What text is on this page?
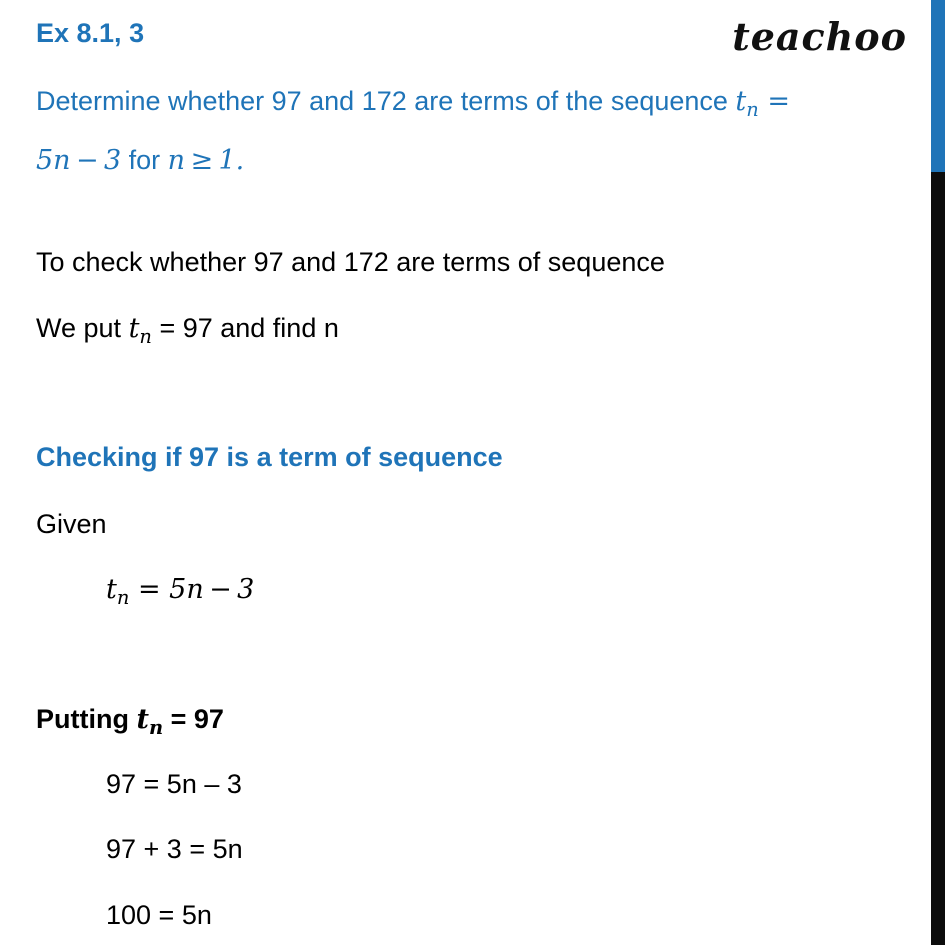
Ex 8.1, 3	teachoo
Determine whether 97 and 172 are terms of the sequence $t_n$ =
5n − 3 for n ≥ 1.
To check whether 97 and 172 are terms of sequence
We put $t_n = 97$ and find n
Checking if 97 is a term of sequence
Given
$t_n = 5n - 3$
Putting $t_n = 97$
97 = 5n – 3
97 + 3 = 5n
100 = 5n
